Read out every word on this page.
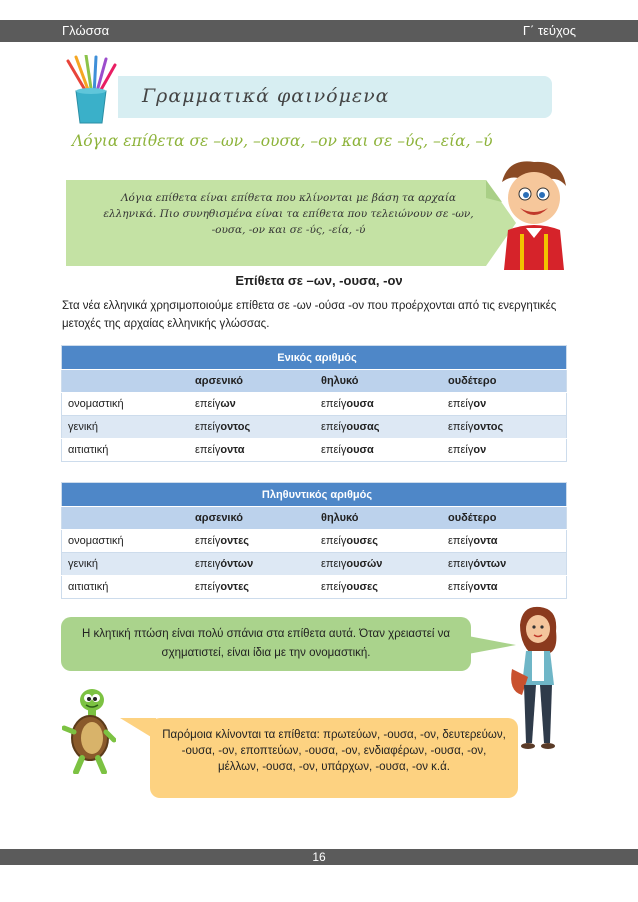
Γλώσσα	Γ΄ τεύχος
Γραμματικά φαινόμενα
Λόγια επίθετα σε –ων, –ουσα, –ον και σε –ύς, –εία, –ύ
Λόγια επίθετα είναι επίθετα που κλίνονται με βάση τα αρχαία ελληνικά. Πιο συνηθισμένα είναι τα επίθετα που τελειώνουν σε -ων, -ουσα, -ον και σε -ύς, -εία, -ύ
Επίθετα σε –ων, -ουσα, -ον
Στα νέα ελληνικά χρησιμοποιούμε επίθετα σε -ων -ούσα -ον που προέρχονται από τις ενεργητικές μετοχές της αρχαίας ελληνικής γλώσσας.
Ενικός αριθμός			
	αρσενικό	θηλυκό	ουδέτερο
ονομαστική	επείγων	επείγουσα	επείγον
γενική	επείγοντος	επείγουσας	επείγοντος
αιτιατική	επείγοντα	επείγουσα	επείγον
Πληθυντικός αριθμός			
	αρσενικό	θηλυκό	ουδέτερο
ονομαστική	επείγοντες	επείγουσες	επείγοντα
γενική	επειγόντων	επειγουσών	επειγόντων
αιτιατική	επείγοντες	επείγουσες	επείγοντα
Η κλητική πτώση είναι πολύ σπάνια στα επίθετα αυτά. Όταν χρειαστεί να σχηματιστεί, είναι ίδια με την ονομαστική.
Παρόμοια κλίνονται τα επίθετα: πρωτεύων, -ουσα, -ον, δευτερεύων, -ουσα, -ον, εποπτεύων, -ουσα, -ον, ενδιαφέρων, -ουσα, -ον, μέλλων, -ουσα, -ον, υπάρχων, -ουσα, -ον κ.ά.
16
